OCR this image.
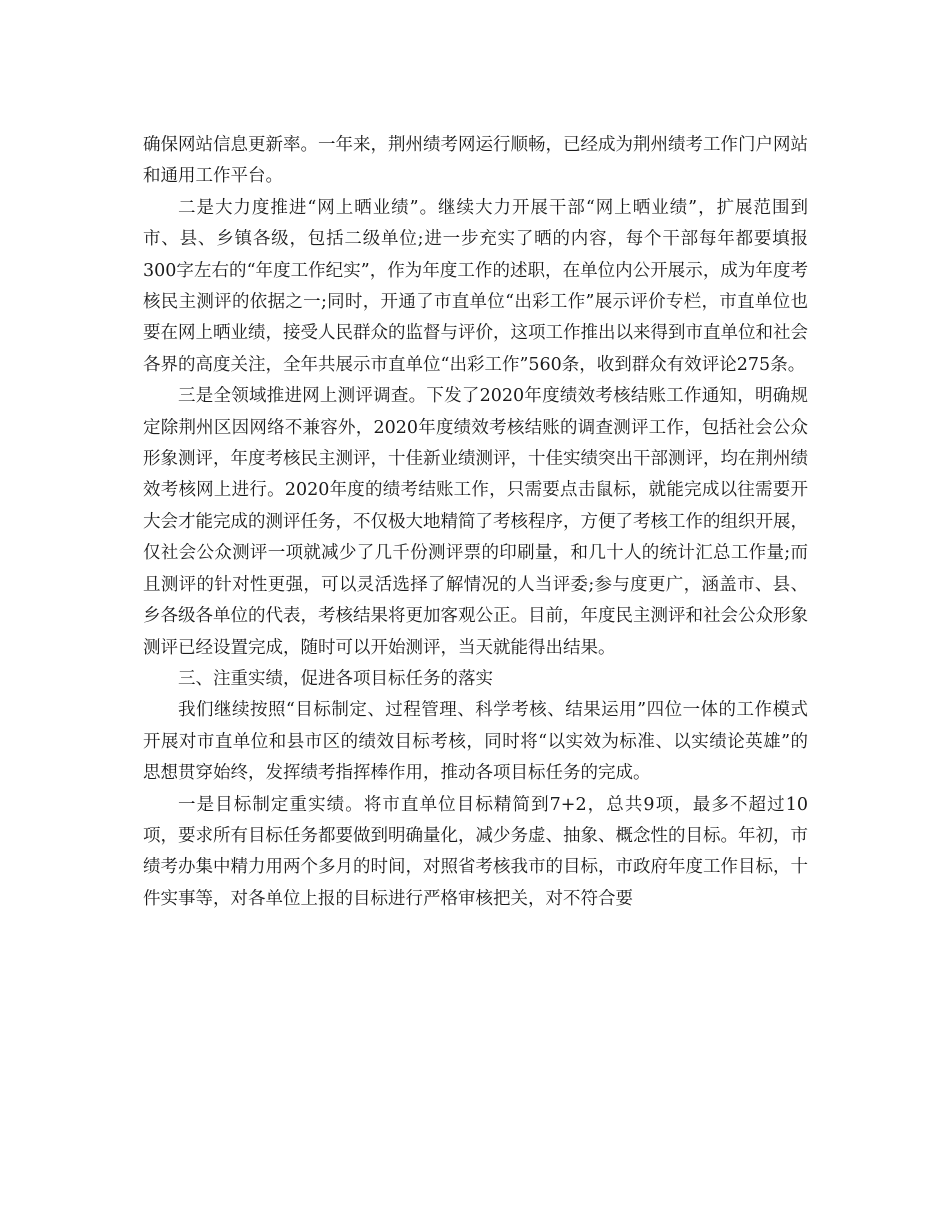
确保网站信息更新率。一年来，荆州绩考网运行顺畅，已经成为荆州绩考工作门户网站和通用工作平台。

二是大力度推进“网上晒业绩”。继续大力开展干部“网上晒业绩”，扩展范围到市、县、乡镇各级，包括二级单位;进一步充实了晒的内容，每个干部每年都要填报300字左右的“年度工作纪实”，作为年度工作的述职，在单位内公开展示，成为年度考核民主测评的依据之一;同时，开通了市直单位“出彩工作”展示评价专栏，市直单位也要在网上晒业绩，接受人民群众的监督与评价，这项工作推出以来得到市直单位和社会各界的高度关注，全年共展示市直单位“出彩工作”560条，收到群众有效评论275条。

三是全领域推进网上测评调查。下发了2020年度绩效考核结账工作通知，明确规定除荆州区因网络不兼容外，2020年度绩效考核结账的调查测评工作，包括社会公众形象测评，年度考核民主测评，十佳新业绩测评，十佳实绩突出干部测评，均在荆州绩效考核网上进行。2020年度的绩考结账工作，只需要点击鼠标，就能完成以往需要开大会才能完成的测评任务，不仅极大地精简了考核程序，方便了考核工作的组织开展，仅社会公众测评一项就减少了几千份测评票的印刷量，和几十人的统计汇总工作量;而且测评的针对性更强，可以灵活选择了解情况的人当评委;参与度更广，涵盖市、县、乡各级各单位的代表，考核结果将更加客观公正。目前，年度民主测评和社会公众形象测评已经设置完成，随时可以开始测评，当天就能得出结果。

三、注重实绩，促进各项目标任务的落实

我们继续按照“目标制定、过程管理、科学考核、结果运用”四位一体的工作模式开展对市直单位和县市区的绩效目标考核，同时将“以实效为标准、以实绩论英雄”的思想贯穿始终，发挥绩考指挥棒作用，推动各项目标任务的完成。

一是目标制定重实绩。将市直单位目标精简到7+2，总共9项，最多不超过10项，要求所有目标任务都要做到明确量化，减少务虚、抽象、概念性的目标。年初，市绩考办集中精力用两个多月的时间，对照省考核我市的目标，市政府年度工作目标，十件实事等，对各单位上报的目标进行严格审核把关，对不符合要
